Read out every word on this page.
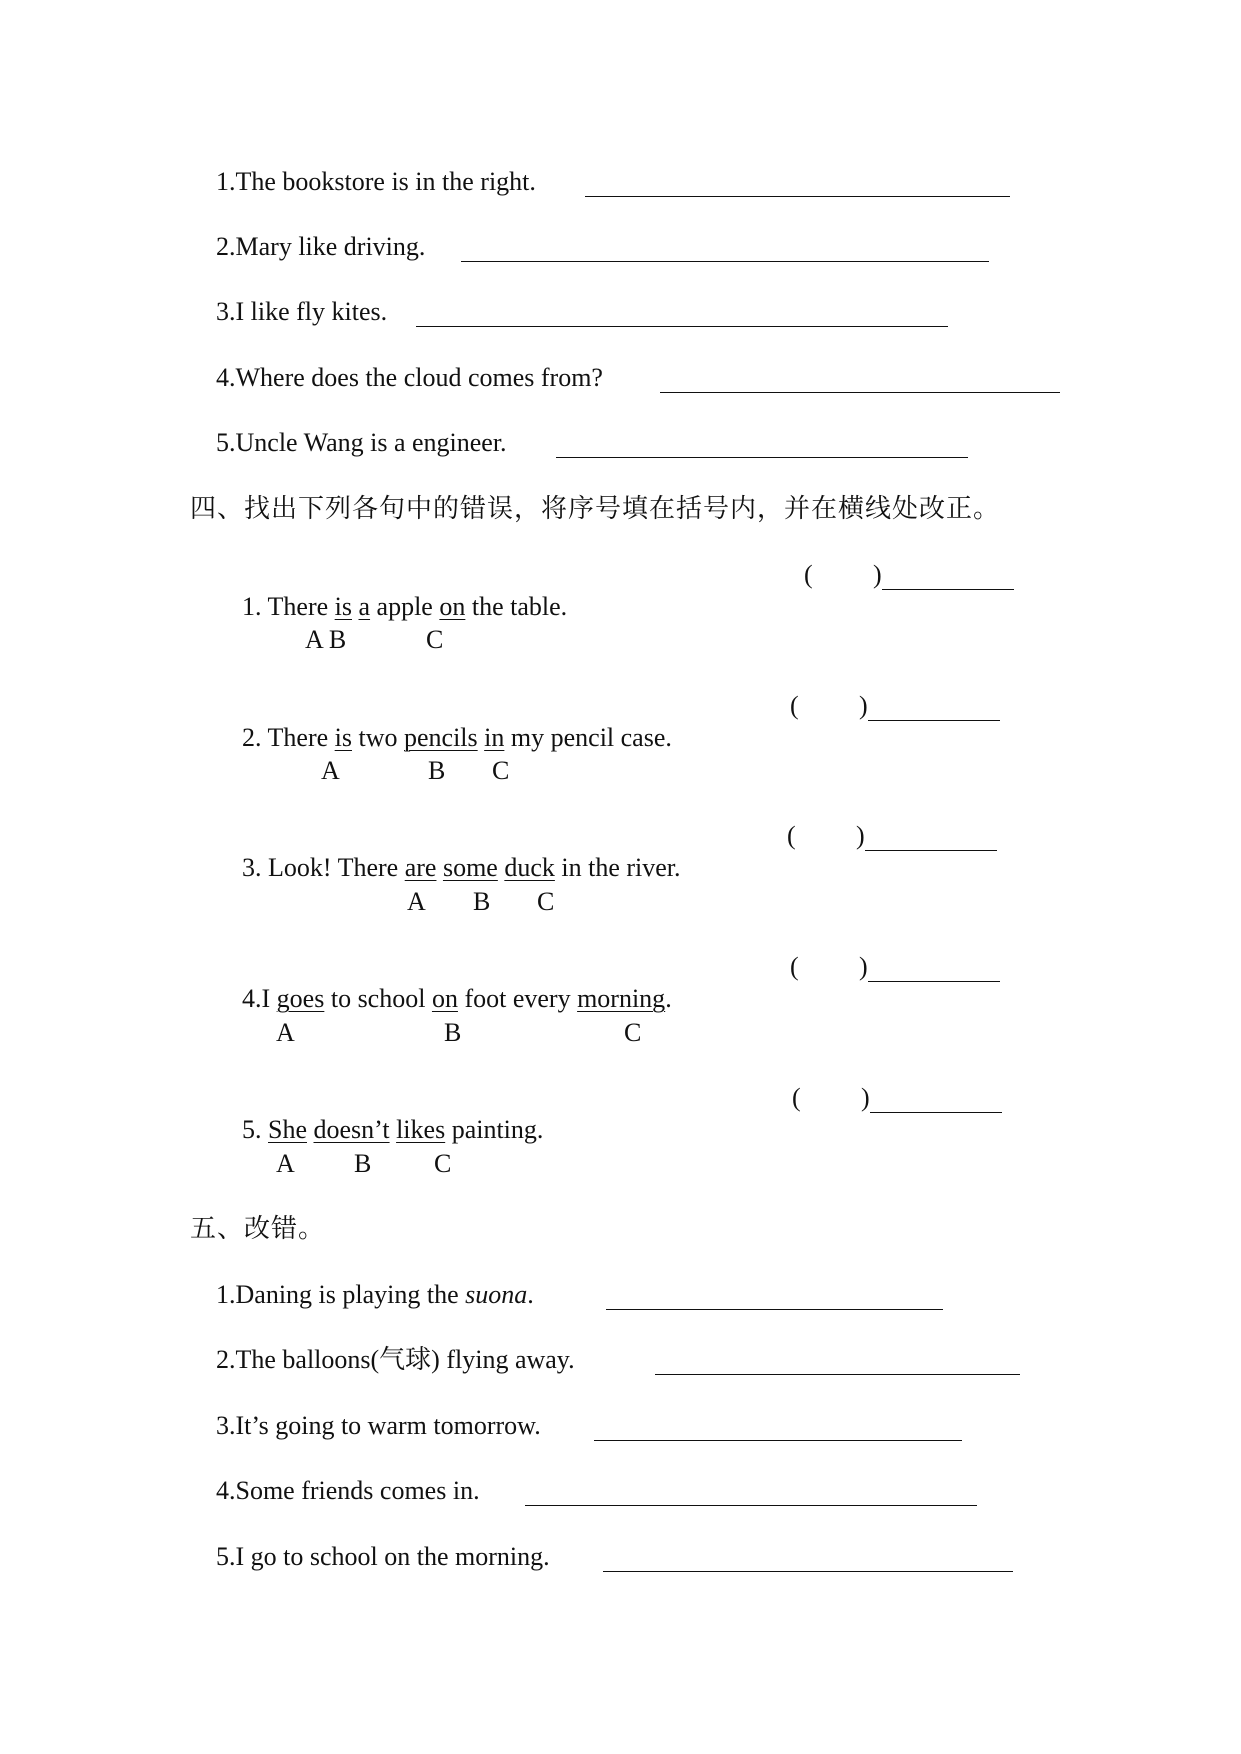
1.The bookstore is in the right.
2.Mary like driving.
3.I like fly kites.
4.Where does the cloud comes from?
5.Uncle Wang is a engineer.
四、找出下列各句中的错误，将序号填在括号内，并在横线处改正。

1. There is a apple on the table.

( )
A B	C

2. There is two pencils in my pencil case.

( )
A	B C

3. Look! There are some duck in the river.

( )
A B C

4.I goes to school on foot every morning.

( )
A	B	C

5. She doesn’t likes painting.

( )
A B C
五、改错。
1.Daning is playing the suona.
2.The balloons(气球) flying away.
3.It’s going to warm tomorrow.
4.Some friends comes in.
5.I go to school on the morning.
